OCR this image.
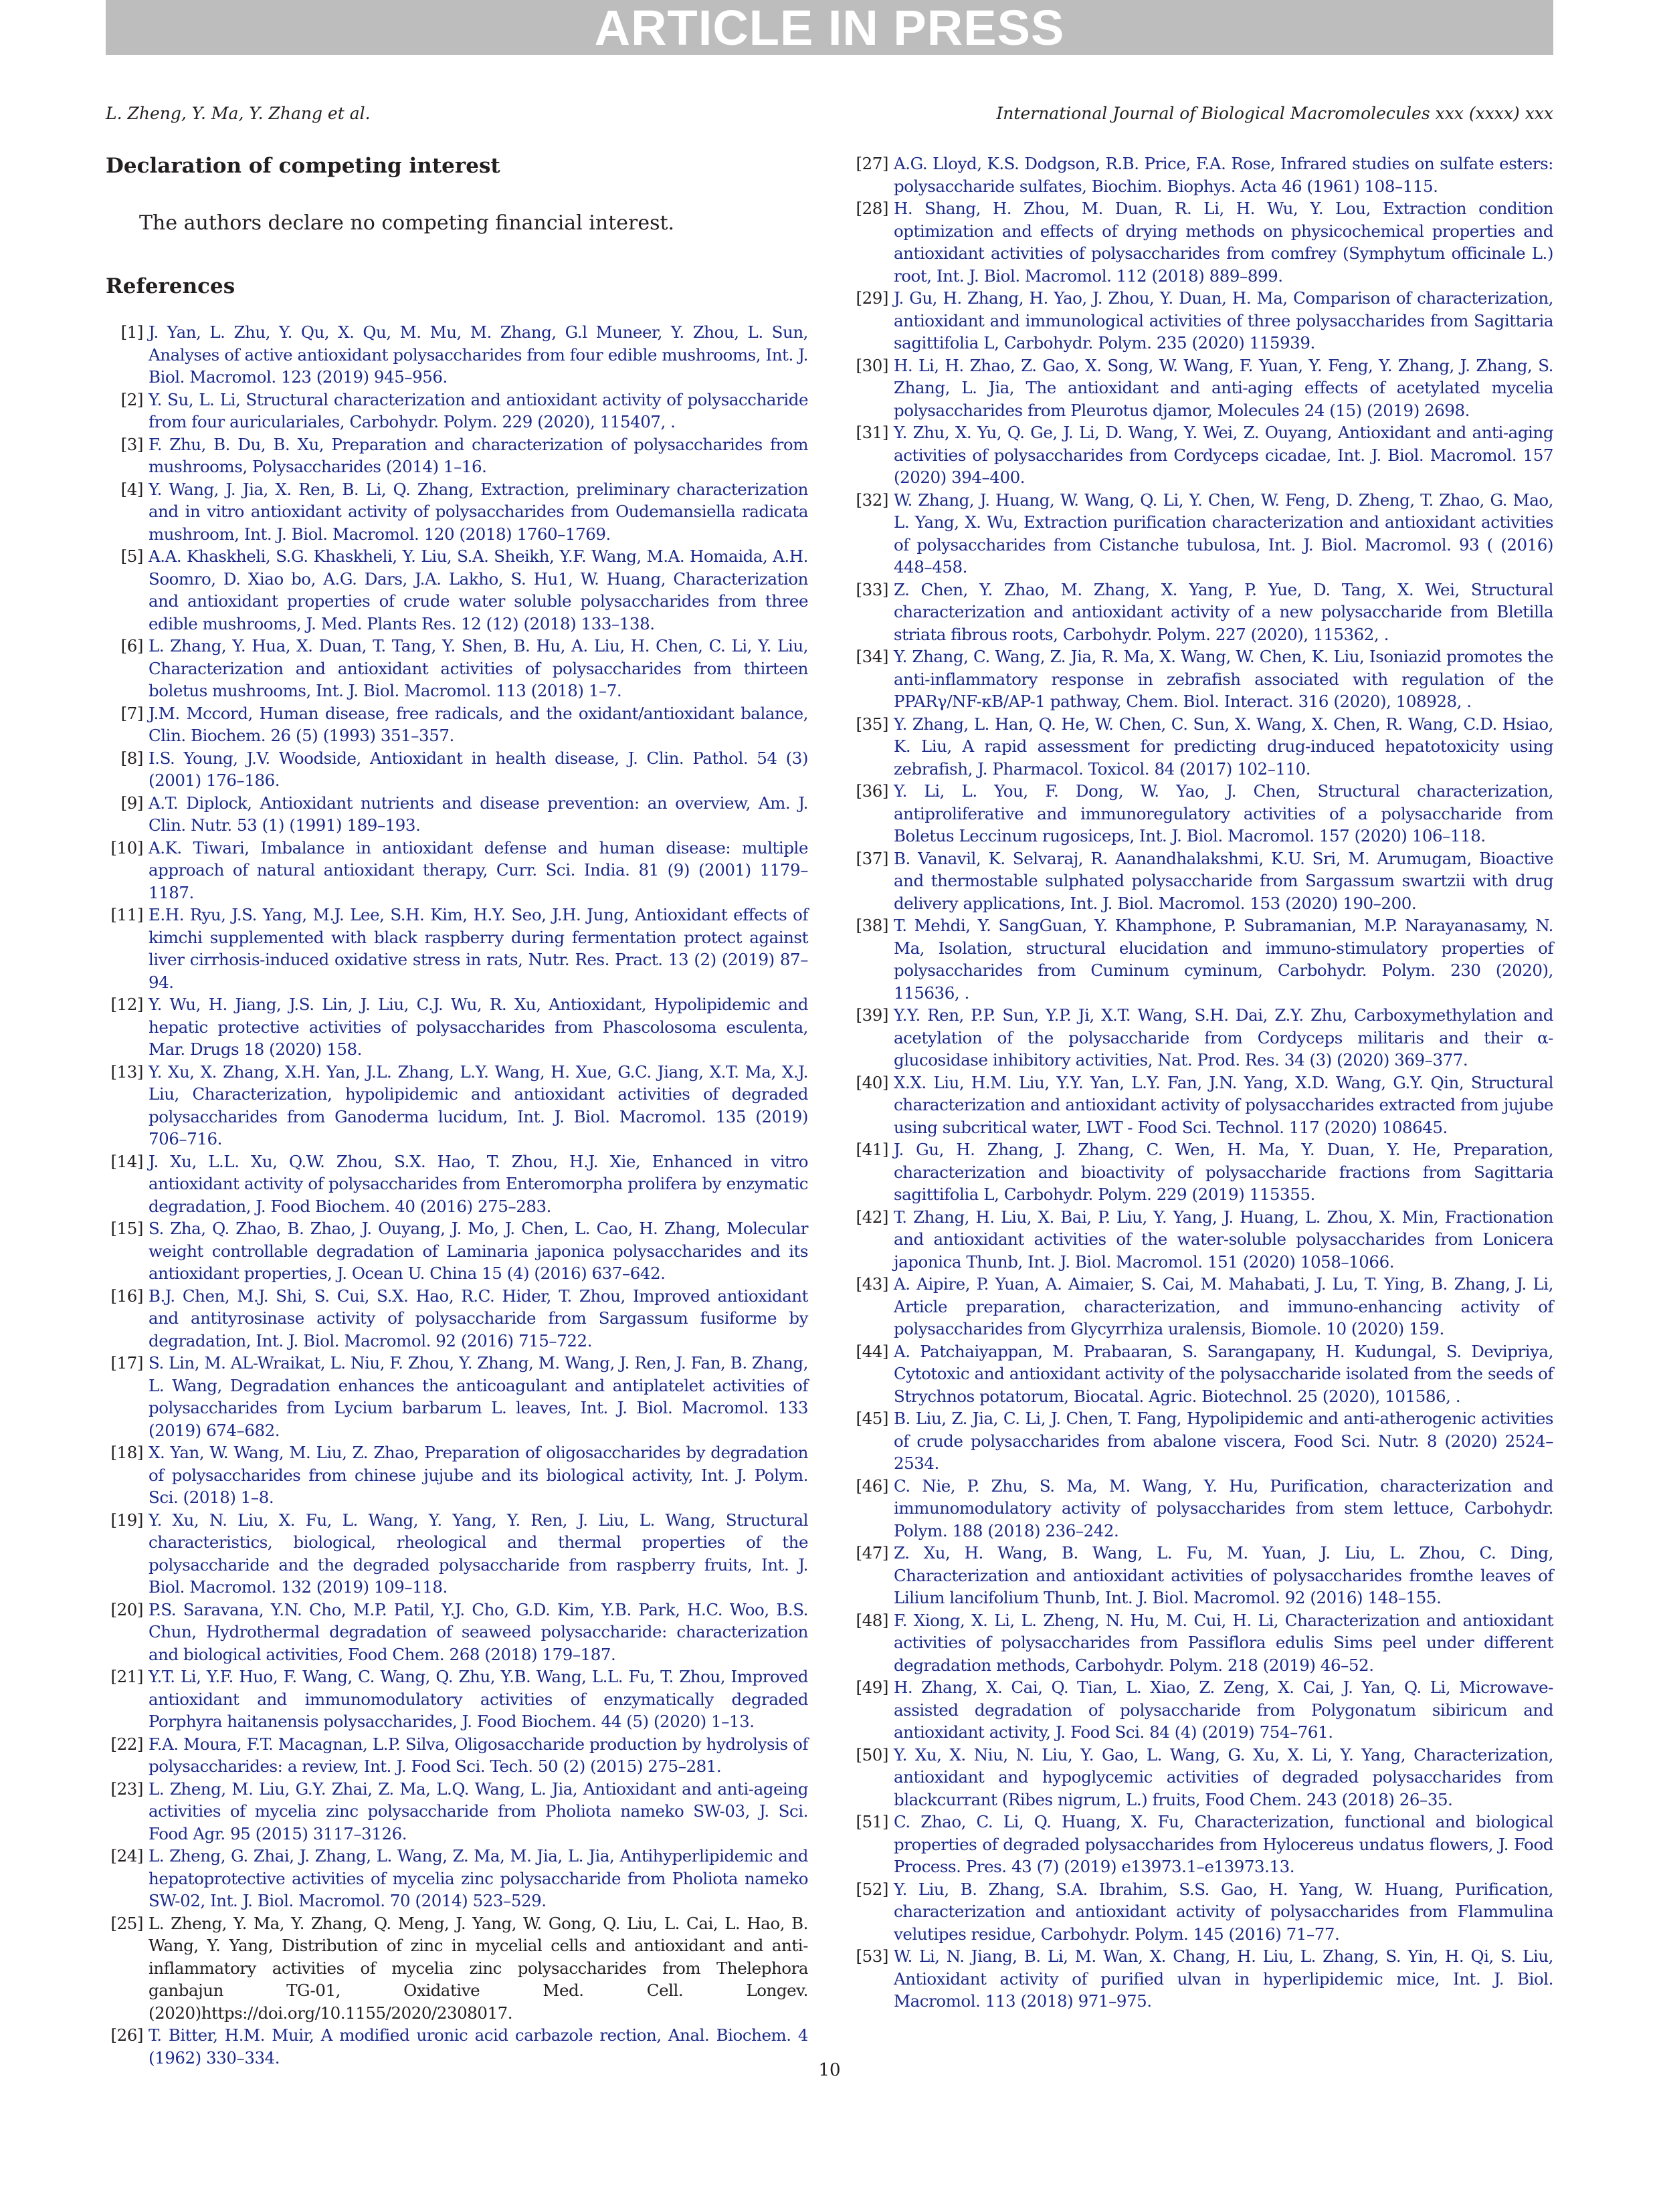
ARTICLE IN PRESS
L. Zheng, Y. Ma, Y. Zhang et al.	International Journal of Biological Macromolecules xxx (xxxx) xxx
Declaration of competing interest
The authors declare no competing financial interest.
References
[1] J. Yan, L. Zhu, Y. Qu, X. Qu, M. Mu, M. Zhang, G.l Muneer, Y. Zhou, L. Sun, Analyses of active antioxidant polysaccharides from four edible mushrooms, Int. J. Biol. Macromol. 123 (2019) 945–956.
[2] Y. Su, L. Li, Structural characterization and antioxidant activity of polysaccharide from four auriculariales, Carbohydr. Polym. 229 (2020), 115407, .
[3] F. Zhu, B. Du, B. Xu, Preparation and characterization of polysaccharides from mushrooms, Polysaccharides (2014) 1–16.
[4] Y. Wang, J. Jia, X. Ren, B. Li, Q. Zhang, Extraction, preliminary characterization and in vitro antioxidant activity of polysaccharides from Oudemansiella radicata mushroom, Int. J. Biol. Macromol. 120 (2018) 1760–1769.
[5] A.A. Khaskheli, S.G. Khaskheli, Y. Liu, S.A. Sheikh, Y.F. Wang, M.A. Homaida, A.H. Soomro, D. Xiao bo, A.G. Dars, J.A. Lakho, S. Hu1, W. Huang, Characterization and antioxidant properties of crude water soluble polysaccharides from three edible mushrooms, J. Med. Plants Res. 12 (12) (2018) 133–138.
[6] L. Zhang, Y. Hua, X. Duan, T. Tang, Y. Shen, B. Hu, A. Liu, H. Chen, C. Li, Y. Liu, Characterization and antioxidant activities of polysaccharides from thirteen boletus mushrooms, Int. J. Biol. Macromol. 113 (2018) 1–7.
[7] J.M. Mccord, Human disease, free radicals, and the oxidant/antioxidant balance, Clin. Biochem. 26 (5) (1993) 351–357.
[8] I.S. Young, J.V. Woodside, Antioxidant in health disease, J. Clin. Pathol. 54 (3) (2001) 176–186.
[9] A.T. Diplock, Antioxidant nutrients and disease prevention: an overview, Am. J. Clin. Nutr. 53 (1) (1991) 189–193.
[10] A.K. Tiwari, Imbalance in antioxidant defense and human disease: multiple approach of natural antioxidant therapy, Curr. Sci. India. 81 (9) (2001) 1179–1187.
[11] E.H. Ryu, J.S. Yang, M.J. Lee, S.H. Kim, H.Y. Seo, J.H. Jung, Antioxidant effects of kimchi supplemented with black raspberry during fermentation protect against liver cirrhosis-induced oxidative stress in rats, Nutr. Res. Pract. 13 (2) (2019) 87–94.
[12] Y. Wu, H. Jiang, J.S. Lin, J. Liu, C.J. Wu, R. Xu, Antioxidant, Hypolipidemic and hepatic protective activities of polysaccharides from Phascolosoma esculenta, Mar. Drugs 18 (2020) 158.
[13] Y. Xu, X. Zhang, X.H. Yan, J.L. Zhang, L.Y. Wang, H. Xue, G.C. Jiang, X.T. Ma, X.J. Liu, Characterization, hypolipidemic and antioxidant activities of degraded polysaccharides from Ganoderma lucidum, Int. J. Biol. Macromol. 135 (2019) 706–716.
[14] J. Xu, L.L. Xu, Q.W. Zhou, S.X. Hao, T. Zhou, H.J. Xie, Enhanced in vitro antioxidant activity of polysaccharides from Enteromorpha prolifera by enzymatic degradation, J. Food Biochem. 40 (2016) 275–283.
[15] S. Zha, Q. Zhao, B. Zhao, J. Ouyang, J. Mo, J. Chen, L. Cao, H. Zhang, Molecular weight controllable degradation of Laminaria japonica polysaccharides and its antioxidant properties, J. Ocean U. China 15 (4) (2016) 637–642.
[16] B.J. Chen, M.J. Shi, S. Cui, S.X. Hao, R.C. Hider, T. Zhou, Improved antioxidant and antityrosinase activity of polysaccharide from Sargassum fusiforme by degradation, Int. J. Biol. Macromol. 92 (2016) 715–722.
[17] S. Lin, M. AL-Wraikat, L. Niu, F. Zhou, Y. Zhang, M. Wang, J. Ren, J. Fan, B. Zhang, L. Wang, Degradation enhances the anticoagulant and antiplatelet activities of polysaccharides from Lycium barbarum L. leaves, Int. J. Biol. Macromol. 133 (2019) 674–682.
[18] X. Yan, W. Wang, M. Liu, Z. Zhao, Preparation of oligosaccharides by degradation of polysaccharides from chinese jujube and its biological activity, Int. J. Polym. Sci. (2018) 1–8.
[19] Y. Xu, N. Liu, X. Fu, L. Wang, Y. Yang, Y. Ren, J. Liu, L. Wang, Structural characteristics, biological, rheological and thermal properties of the polysaccharide and the degraded polysaccharide from raspberry fruits, Int. J. Biol. Macromol. 132 (2019) 109–118.
[20] P.S. Saravana, Y.N. Cho, M.P. Patil, Y.J. Cho, G.D. Kim, Y.B. Park, H.C. Woo, B.S. Chun, Hydrothermal degradation of seaweed polysaccharide: characterization and biological activities, Food Chem. 268 (2018) 179–187.
[21] Y.T. Li, Y.F. Huo, F. Wang, C. Wang, Q. Zhu, Y.B. Wang, L.L. Fu, T. Zhou, Improved antioxidant and immunomodulatory activities of enzymatically degraded Porphyra haitanensis polysaccharides, J. Food Biochem. 44 (5) (2020) 1–13.
[22] F.A. Moura, F.T. Macagnan, L.P. Silva, Oligosaccharide production by hydrolysis of polysaccharides: a review, Int. J. Food Sci. Tech. 50 (2) (2015) 275–281.
[23] L. Zheng, M. Liu, G.Y. Zhai, Z. Ma, L.Q. Wang, L. Jia, Antioxidant and anti-ageing activities of mycelia zinc polysaccharide from Pholiota nameko SW-03, J. Sci. Food Agr. 95 (2015) 3117–3126.
[24] L. Zheng, G. Zhai, J. Zhang, L. Wang, Z. Ma, M. Jia, L. Jia, Antihyperlipidemic and hepatoprotective activities of mycelia zinc polysaccharide from Pholiota nameko SW-02, Int. J. Biol. Macromol. 70 (2014) 523–529.
[25] L. Zheng, Y. Ma, Y. Zhang, Q. Meng, J. Yang, W. Gong, Q. Liu, L. Cai, L. Hao, B. Wang, Y. Yang, Distribution of zinc in mycelial cells and antioxidant and anti-inflammatory activities of mycelia zinc polysaccharides from Thelephora ganbajun TG-01, Oxidative Med. Cell. Longev. (2020)https://doi.org/10.1155/2020/2308017.
[26] T. Bitter, H.M. Muir, A modified uronic acid carbazole rection, Anal. Biochem. 4 (1962) 330–334.
[27] A.G. Lloyd, K.S. Dodgson, R.B. Price, F.A. Rose, Infrared studies on sulfate esters: polysaccharide sulfates, Biochim. Biophys. Acta 46 (1961) 108–115.
[28] H. Shang, H. Zhou, M. Duan, R. Li, H. Wu, Y. Lou, Extraction condition optimization and effects of drying methods on physicochemical properties and antioxidant activities of polysaccharides from comfrey (Symphytum officinale L.) root, Int. J. Biol. Macromol. 112 (2018) 889–899.
[29] J. Gu, H. Zhang, H. Yao, J. Zhou, Y. Duan, H. Ma, Comparison of characterization, antioxidant and immunological activities of three polysaccharides from Sagittaria sagittifolia L, Carbohydr. Polym. 235 (2020) 115939.
[30] H. Li, H. Zhao, Z. Gao, X. Song, W. Wang, F. Yuan, Y. Feng, Y. Zhang, J. Zhang, S. Zhang, L. Jia, The antioxidant and anti-aging effects of acetylated mycelia polysaccharides from Pleurotus djamor, Molecules 24 (15) (2019) 2698.
[31] Y. Zhu, X. Yu, Q. Ge, J. Li, D. Wang, Y. Wei, Z. Ouyang, Antioxidant and anti-aging activities of polysaccharides from Cordyceps cicadae, Int. J. Biol. Macromol. 157 (2020) 394–400.
[32] W. Zhang, J. Huang, W. Wang, Q. Li, Y. Chen, W. Feng, D. Zheng, T. Zhao, G. Mao, L. Yang, X. Wu, Extraction purification characterization and antioxidant activities of polysaccharides from Cistanche tubulosa, Int. J. Biol. Macromol. 93 ( (2016) 448–458.
[33] Z. Chen, Y. Zhao, M. Zhang, X. Yang, P. Yue, D. Tang, X. Wei, Structural characterization and antioxidant activity of a new polysaccharide from Bletilla striata fibrous roots, Carbohydr. Polym. 227 (2020), 115362, .
[34] Y. Zhang, C. Wang, Z. Jia, R. Ma, X. Wang, W. Chen, K. Liu, Isoniazid promotes the anti-inflammatory response in zebrafish associated with regulation of the PPARγ/NF-κB/AP-1 pathway, Chem. Biol. Interact. 316 (2020), 108928, .
[35] Y. Zhang, L. Han, Q. He, W. Chen, C. Sun, X. Wang, X. Chen, R. Wang, C.D. Hsiao, K. Liu, A rapid assessment for predicting drug-induced hepatotoxicity using zebrafish, J. Pharmacol. Toxicol. 84 (2017) 102–110.
[36] Y. Li, L. You, F. Dong, W. Yao, J. Chen, Structural characterization, antiproliferative and immunoregulatory activities of a polysaccharide from Boletus Leccinum rugosiceps, Int. J. Biol. Macromol. 157 (2020) 106–118.
[37] B. Vanavil, K. Selvaraj, R. Aanandhalakshmi, K.U. Sri, M. Arumugam, Bioactive and thermostable sulphated polysaccharide from Sargassum swartzii with drug delivery applications, Int. J. Biol. Macromol. 153 (2020) 190–200.
[38] T. Mehdi, Y. SangGuan, Y. Khamphone, P. Subramanian, M.P. Narayanasamy, N. Ma, Isolation, structural elucidation and immuno-stimulatory properties of polysaccharides from Cuminum cyminum, Carbohydr. Polym. 230 (2020), 115636, .
[39] Y.Y. Ren, P.P. Sun, Y.P. Ji, X.T. Wang, S.H. Dai, Z.Y. Zhu, Carboxymethylation and acetylation of the polysaccharide from Cordyceps militaris and their α-glucosidase inhibitory activities, Nat. Prod. Res. 34 (3) (2020) 369–377.
[40] X.X. Liu, H.M. Liu, Y.Y. Yan, L.Y. Fan, J.N. Yang, X.D. Wang, G.Y. Qin, Structural characterization and antioxidant activity of polysaccharides extracted from jujube using subcritical water, LWT - Food Sci. Technol. 117 (2020) 108645.
[41] J. Gu, H. Zhang, J. Zhang, C. Wen, H. Ma, Y. Duan, Y. He, Preparation, characterization and bioactivity of polysaccharide fractions from Sagittaria sagittifolia L, Carbohydr. Polym. 229 (2019) 115355.
[42] T. Zhang, H. Liu, X. Bai, P. Liu, Y. Yang, J. Huang, L. Zhou, X. Min, Fractionation and antioxidant activities of the water-soluble polysaccharides from Lonicera japonica Thunb, Int. J. Biol. Macromol. 151 (2020) 1058–1066.
[43] A. Aipire, P. Yuan, A. Aimaier, S. Cai, M. Mahabati, J. Lu, T. Ying, B. Zhang, J. Li, Article preparation, characterization, and immuno-enhancing activity of polysaccharides from Glycyrrhiza uralensis, Biomole. 10 (2020) 159.
[44] A. Patchaiyappan, M. Prabaaran, S. Sarangapany, H. Kudungal, S. Devipriya, Cytotoxic and antioxidant activity of the polysaccharide isolated from the seeds of Strychnos potatorum, Biocatal. Agric. Biotechnol. 25 (2020), 101586, .
[45] B. Liu, Z. Jia, C. Li, J. Chen, T. Fang, Hypolipidemic and anti-atherogenic activities of crude polysaccharides from abalone viscera, Food Sci. Nutr. 8 (2020) 2524–2534.
[46] C. Nie, P. Zhu, S. Ma, M. Wang, Y. Hu, Purification, characterization and immunomodulatory activity of polysaccharides from stem lettuce, Carbohydr. Polym. 188 (2018) 236–242.
[47] Z. Xu, H. Wang, B. Wang, L. Fu, M. Yuan, J. Liu, L. Zhou, C. Ding, Characterization and antioxidant activities of polysaccharides fromthe leaves of Lilium lancifolium Thunb, Int. J. Biol. Macromol. 92 (2016) 148–155.
[48] F. Xiong, X. Li, L. Zheng, N. Hu, M. Cui, H. Li, Characterization and antioxidant activities of polysaccharides from Passiflora edulis Sims peel under different degradation methods, Carbohydr. Polym. 218 (2019) 46–52.
[49] H. Zhang, X. Cai, Q. Tian, L. Xiao, Z. Zeng, X. Cai, J. Yan, Q. Li, Microwave-assisted degradation of polysaccharide from Polygonatum sibiricum and antioxidant activity, J. Food Sci. 84 (4) (2019) 754–761.
[50] Y. Xu, X. Niu, N. Liu, Y. Gao, L. Wang, G. Xu, X. Li, Y. Yang, Characterization, antioxidant and hypoglycemic activities of degraded polysaccharides from blackcurrant (Ribes nigrum, L.) fruits, Food Chem. 243 (2018) 26–35.
[51] C. Zhao, C. Li, Q. Huang, X. Fu, Characterization, functional and biological properties of degraded polysaccharides from Hylocereus undatus flowers, J. Food Process. Pres. 43 (7) (2019) e13973.1–e13973.13.
[52] Y. Liu, B. Zhang, S.A. Ibrahim, S.S. Gao, H. Yang, W. Huang, Purification, characterization and antioxidant activity of polysaccharides from Flammulina velutipes residue, Carbohydr. Polym. 145 (2016) 71–77.
[53] W. Li, N. Jiang, B. Li, M. Wan, X. Chang, H. Liu, L. Zhang, S. Yin, H. Qi, S. Liu, Antioxidant activity of purified ulvan in hyperlipidemic mice, Int. J. Biol. Macromol. 113 (2018) 971–975.
10
